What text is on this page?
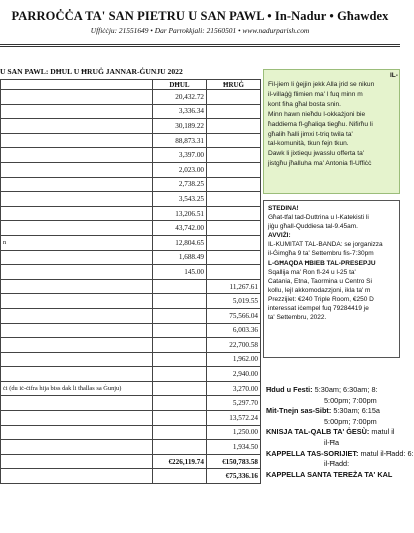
PARROĊĊA TA' SAN PIETRU U SAN PAWL • In-Nadur • Għawdex
Uffiċċju: 21551649 • Dar Parrokkjali: 21560501 • www.nadurparish.com
U SAN PAWL: DĦUL U ĦRUĠ JANNAR-ĠUNJU 2022
	DĦUL	ĦRUĠ
	20,432.72	
	3,336.34	
	30,189.22	
	88,873.31	
	3,397.00	
	2,023.00	
	2,738.25	
	3,543.25	
	13,206.51	
	43,742.00	
n	12,804.65	
	1,688.49	
	145.00	
		11,267.61
		5,019.55
		75,566.04
		6,003.36
		22,700.58
		1,962.00
		2,940.00
ċi (du iċ-ċifra hija biss dak li tħallas sa Ġunju)		3,270.00
		5,297.70
		13,572.24
		1,250.00
		1,934.50
	€226,119.74	€150,783.58
		€75,336.16
IL-

Fil-jiem li ġejjin jekk Alla jrid se nikun

il-villaġġ flimien ma' l fuq minn m

kont fiha għal bosta snin.

Minn hawn nieħdu l-okkażjoni bie

ħaddiema fl-għaliqa tiegħu. Nifirħu li

għalih ħalli jimxi t-triq twila ta'

tal-komunità, tkun fejn tkun.

Dawk li jixtiequ jwasslu offerta ta'

jistgħu jħalluha ma' Antonia fl-Uffiċċ

STEDINA!

Għat-tfal tad-Duttrina u l-Katekisti li

jiġu għall-Quddiesa tal-9.45am.

AVVIŻI:

IL-KUMITAT TAL-BANDA: se jorganizza

il-Ġimgħa 9 ta' Settembru fis-7:30pm

L-GĦAQDA ĦBIEB TAL-PRESEPJU

Sqallija ma' Ron fl-24 u l-25 ta'

Catania, Etna, Taormina u Centro Si

kollu, lejl akkomodazzjoni, ikla ta' m

Prezzijiet: €240 Triple Room, €250 D

interessat iċempel fuq 79284419 je

ta' Settembru, 2022.

Ħdud u Festi: 5:30am; 6:30am; 8:

5:00pm; 7:00pm

Mit-Tnejn sas-Sibt: 5:30am; 6:15a

5:00pm; 7:00pm

KNISJA TAL-QALB TA' ĠESÙ: matul il

il-Ħa

KAPPELLA TAS-SORIJIET: matul il-Ħadd: 6:

il-Ħadd:

KAPPELLA SANTA TEREŻA TA' KAL
